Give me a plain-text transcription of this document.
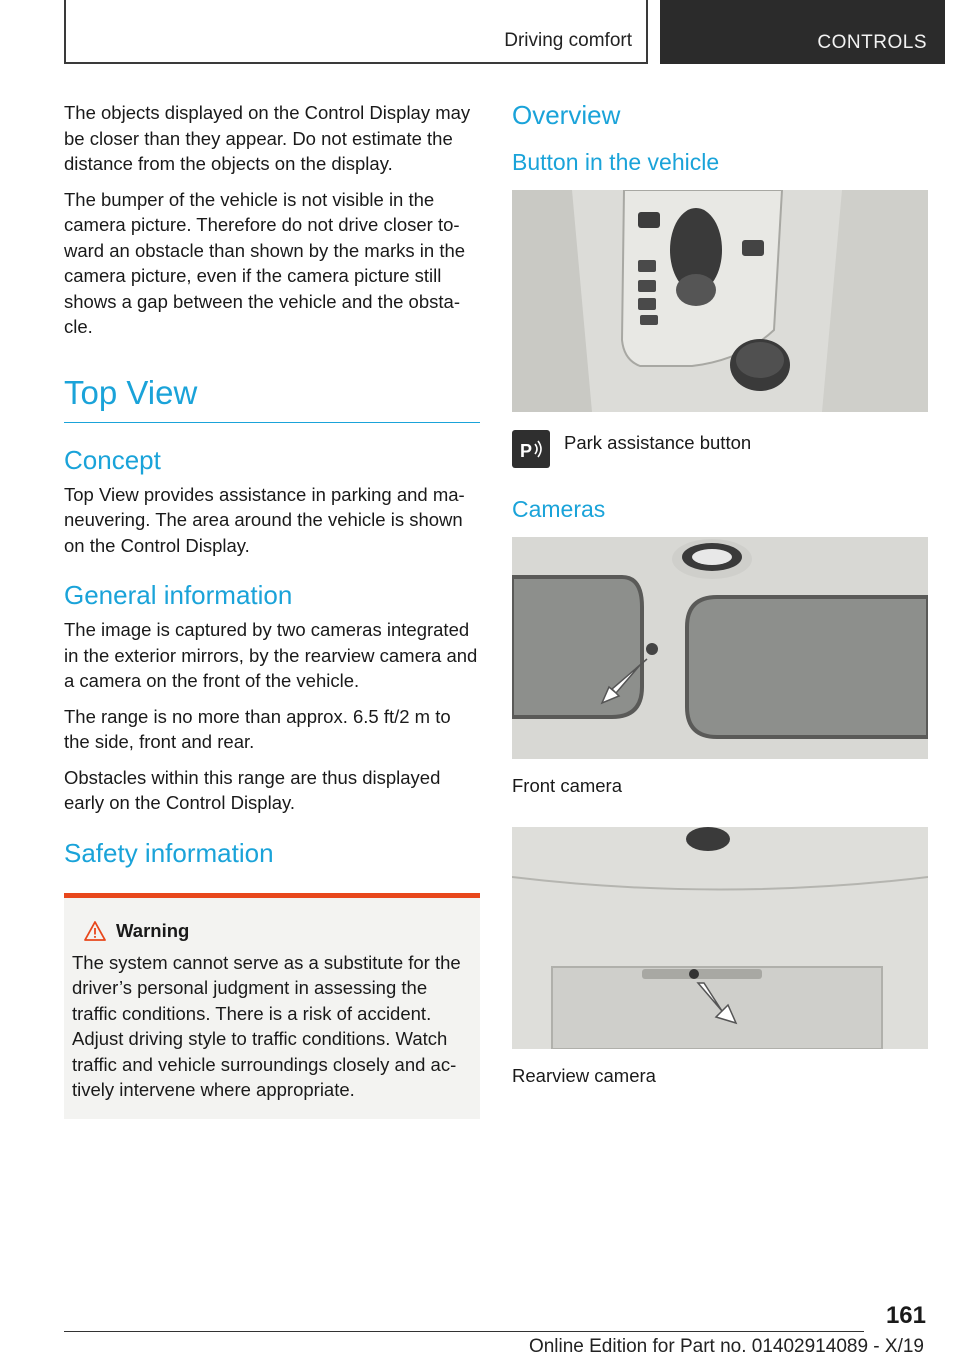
Driving comfort	CONTROLS

The objects displayed on the Control Display may be closer than they appear. Do not estimate the distance from the objects on the display.

The bumper of the vehicle is not visible in the camera picture. Therefore do not drive closer toward an obstacle than shown by the marks in the camera picture, even if the camera picture still shows a gap between the vehicle and the obstacle.

Top View
Concept

Top View provides assistance in parking and maneuvering. The area around the vehicle is shown on the Control Display.

General information

The image is captured by two cameras integrated in the exterior mirrors, by the rearview camera and a camera on the front of the vehicle.

The range is no more than approx. 6.5 ft/2 m to the side, front and rear.

Obstacles within this range are thus displayed early on the Control Display.

Safety information
Warning

The system cannot serve as a substitute for the driver’s personal judgment in assessing the traffic conditions. There is a risk of accident. Adjust driving style to traffic conditions. Watch traffic and vehicle surroundings closely and actively intervene where appropriate.

Overview
Button in the vehicle
P Park assistance button

Cameras

Front camera

Rearview camera

161
Online Edition for Part no. 01402914089 - X/19
